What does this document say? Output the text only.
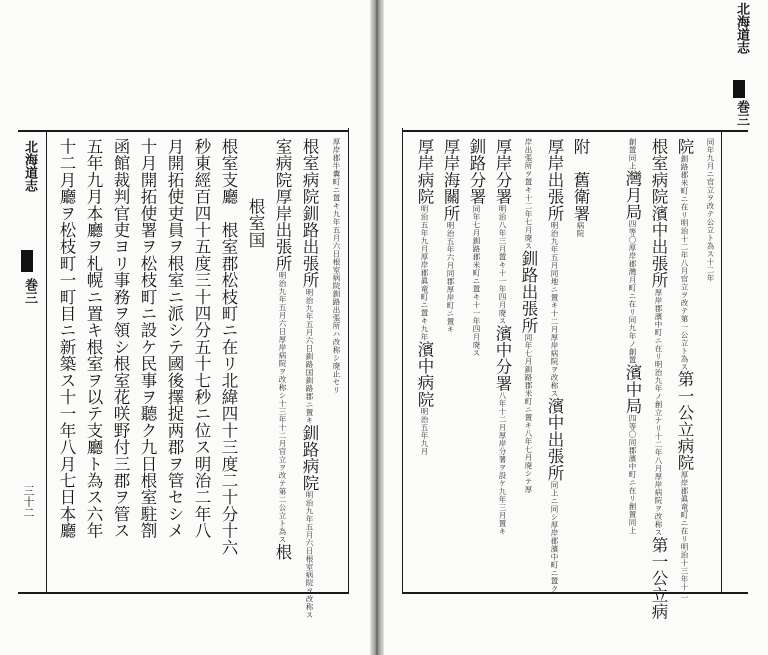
北海道志
巻三
三十二
厚岸郡牛糞町ニ置キ九年五月六日根室病院釧路出張所ハ改称シ廃止セリ
根室病院釧路出張所明治九年五月六日釧路国釧路郡ニ置キ釧路病院明治九年五月六日根室病院ヲ改称ス
室病院厚岸出張所明治九年五月六日厚岸病院ヲ改称シ十三年十二月官立ヲ改テ第二公立ト為ス根
根室国
根室支廳　根室郡松枝町ニ在リ北緯四十三度二十分十六
秒東經百四十五度三十四分五十七秒ニ位ス明治二年八
月開拓使吏員ヲ根室ニ派シテ國後擇捉两郡ヲ管セシメ
十月開拓使署ヲ松枝町ニ設ケ民事ヲ聽ク九日根室駐劄
函館裁判官吏ヨリ事務ヲ領シ根室花咲野付三郡ヲ管ス
五年九月本廳ヲ札幌ニ置キ根室ヲ以テ支廳ト為ス六年
十二月廳ヲ松枝町一町目ニ新築ス十一年八月七日本廳
北海道志
巻三
同年九月ニ官立ヲ改テ公立ト為ス十二年
院釧路郡米町ニ在リ明治十二年八月官立ヲ改テ第一公立ト為ス第一公立病院厚岸郡眞竜町ニ在リ明治十三年十二
根室病院濱中出張所厚岸郡濱中町ニ在リ明治九年ノ創立ナリ十二年八月厚岸病院ヲ改称ス第一公立病
創置同上灣月局四等〇厚岸郡灣月町ニ在リ同九年ノ創置濱中局四等〇同郡濱中町ニ在リ創置同上
附　舊衛署病院
厚岸出張所明治九年五月同地ニ置キ十二月厚岸病院ヲ改称ス濱中出張所同上ニ同シ厚岸郡濱中町ニ置ク
岸出張所ヲ置キ十二年七月廃ス釧路出張所同年七月釧路郡米町ニ置キ八年七月廃シテ厚
厚岸分署明治八年三月置キ十一年四月廃ス濱中分署八年十二月厚岸分署ヲ設ケ九年三月置キ
釧路分署同年七月釧路郡米町ニ置キ十一年四月廃ス
厚岸海關所明治五年六月同郡厚岸町ニ置キ
厚岸病院明治五年九月厚岸郡眞竜町ニ置キ九年濱中病院明治五年九月
